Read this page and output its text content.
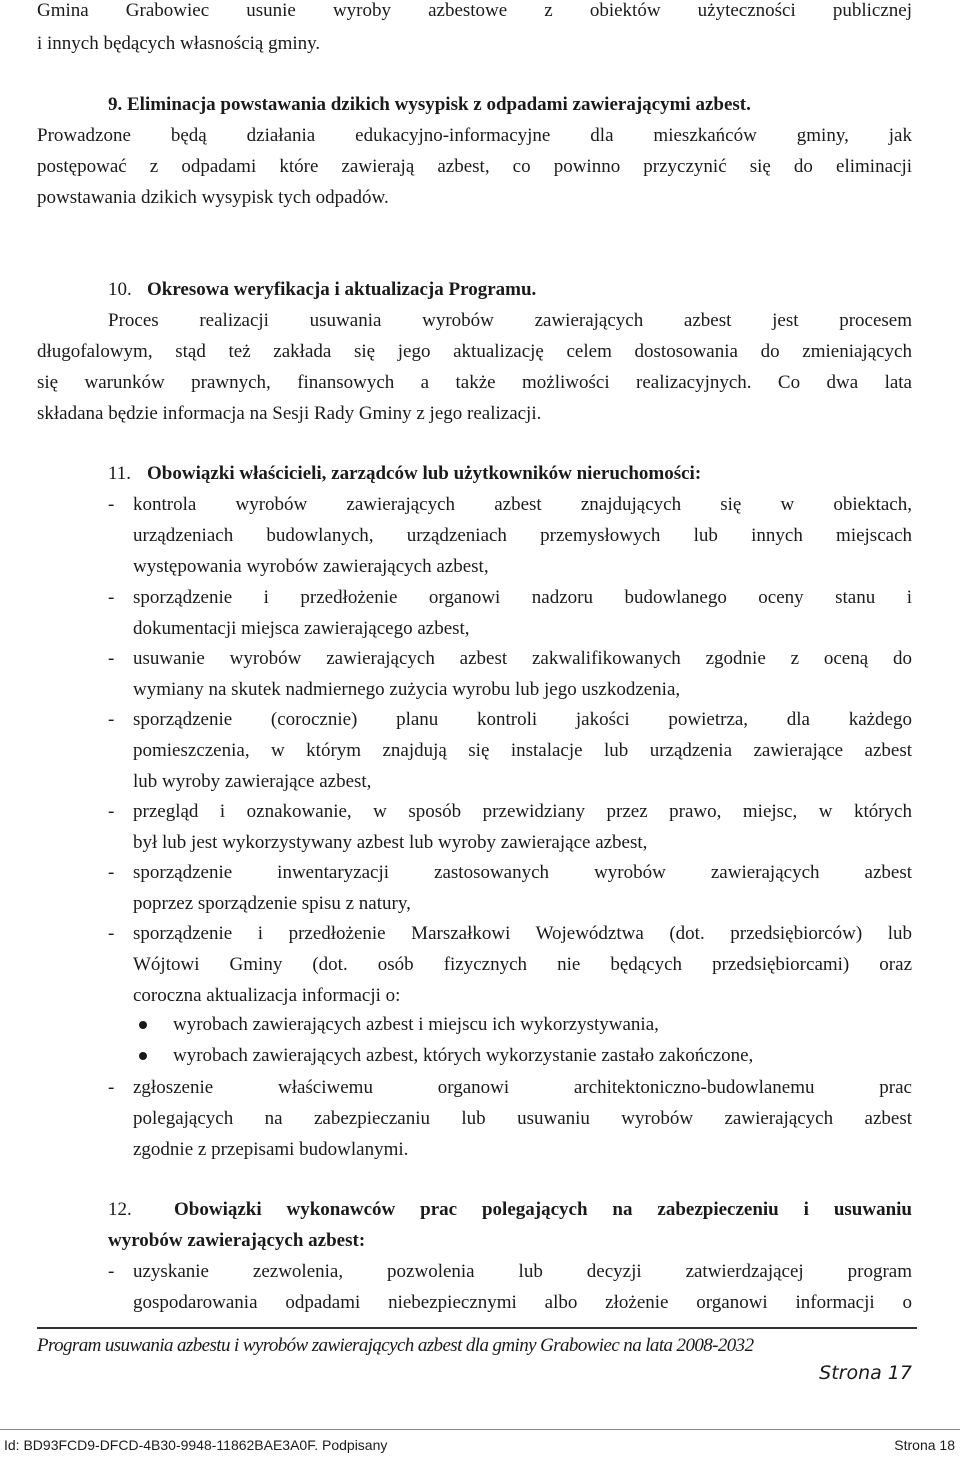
Gmina Grabowiec usunie wyroby azbestowe z obiektów użyteczności publicznej
i innych będących własnością gminy.
9. Eliminacja powstawania dzikich wysypisk z odpadami zawierającymi azbest.
Prowadzone będą działania edukacyjno-informacyjne dla mieszkańców gminy, jak
postępować z odpadami które zawierają azbest, co powinno przyczynić się do eliminacji
powstawania dzikich wysypisk tych odpadów.
10. Okresowa weryfikacja i aktualizacja Programu.
Proces realizacji usuwania wyrobów zawierających azbest jest procesem
długofalowym, stąd też zakłada się jego aktualizację celem dostosowania do zmieniających
się warunków prawnych, finansowych a także możliwości realizacyjnych. Co dwa lata
składana będzie informacja na Sesji Rady Gminy z jego realizacji.
11. Obowiązki właścicieli, zarządców lub użytkowników nieruchomości:
- kontrola wyrobów zawierających azbest znajdujących się w obiektach,
urządzeniach budowlanych, urządzeniach przemysłowych lub innych miejscach
występowania wyrobów zawierających azbest,
- sporządzenie i przedłożenie organowi nadzoru budowlanego oceny stanu i
dokumentacji miejsca zawierającego azbest,
- usuwanie wyrobów zawierających azbest zakwalifikowanych zgodnie z oceną do
wymiany na skutek nadmiernego zużycia wyrobu lub jego uszkodzenia,
- sporządzenie (corocznie) planu kontroli jakości powietrza, dla każdego
pomieszczenia, w którym znajdują się instalacje lub urządzenia zawierające azbest
lub wyroby zawierające azbest,
- przegląd i oznakowanie, w sposób przewidziany przez prawo, miejsc, w których
był lub jest wykorzystywany azbest lub wyroby zawierające azbest,
- sporządzenie inwentaryzacji zastosowanych wyrobów zawierających azbest
poprzez sporządzenie spisu z natury,
- sporządzenie i przedłożenie Marszałkowi Województwa (dot. przedsiębiorców) lub
Wójtowi Gminy (dot. osób fizycznych nie będących przedsiębiorcami) oraz
coroczna aktualizacja informacji o:
wyrobach zawierających azbest i miejscu ich wykorzystywania,
wyrobach zawierających azbest, których wykorzystanie zastało zakończone,
- zgłoszenie właściwemu organowi architektoniczno-budowlanemu prac
polegających na zabezpieczaniu lub usuwaniu wyrobów zawierających azbest
zgodnie z przepisami budowlanymi.
12. Obowiązki wykonawców prac polegających na zabezpieczeniu i usuwaniu
wyrobów zawierających azbest:
- uzyskanie zezwolenia, pozwolenia lub decyzji zatwierdzającej program
gospodarowania odpadami niebezpiecznymi albo złożenie organowi informacji o
Program usuwania azbestu i wyrobów zawierających azbest dla gminy Grabowiec na lata 2008-2032
Strona 17
Id: BD93FCD9-DFCD-4B30-9948-11862BAE3A0F. Podpisany	Strona 18
